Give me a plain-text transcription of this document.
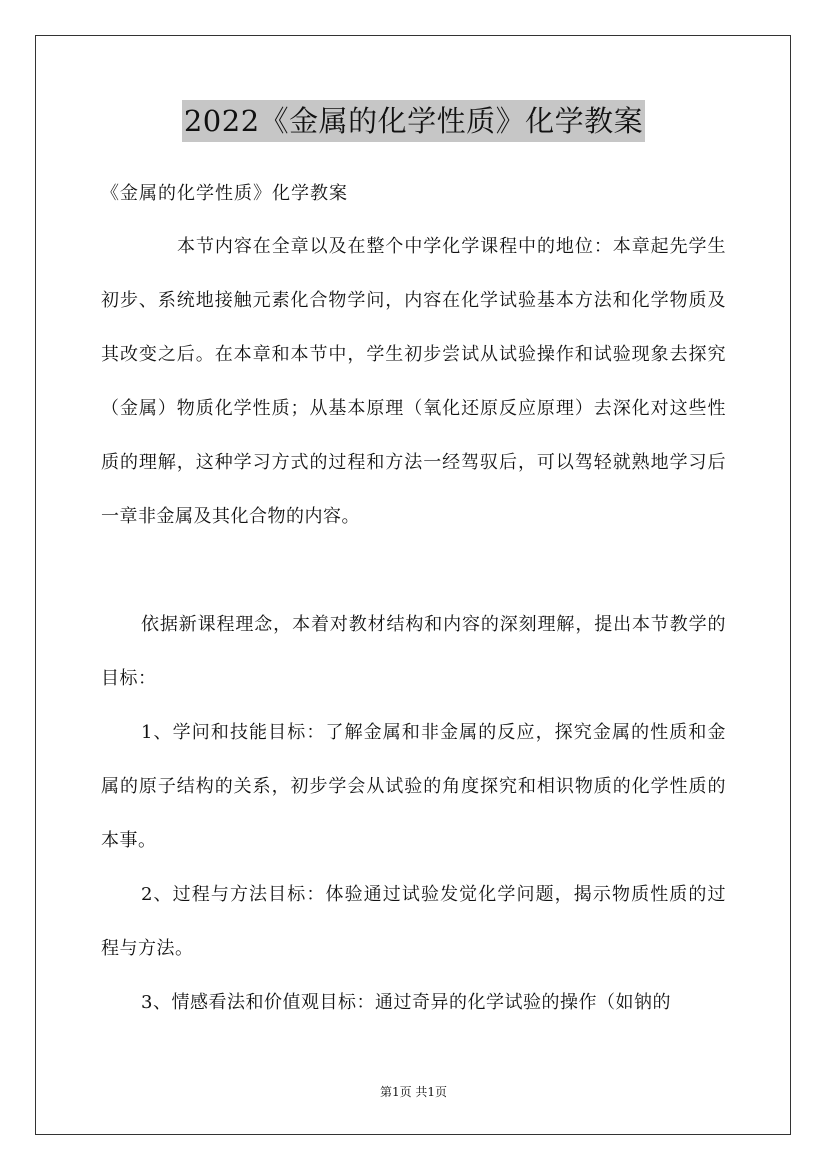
2022《金属的化学性质》化学教案
《金属的化学性质》化学教案

本节内容在全章以及在整个中学化学课程中的地位：本章起先学生初步、系统地接触元素化合物学问，内容在化学试验基本方法和化学物质及其改变之后。在本章和本节中，学生初步尝试从试验操作和试验现象去探究（金属）物质化学性质；从基本原理（氧化还原反应原理）去深化对这些性质的理解，这种学习方式的过程和方法一经驾驭后，可以驾轻就熟地学习后一章非金属及其化合物的内容。

依据新课程理念，本着对教材结构和内容的深刻理解，提出本节教学的目标：

1、学问和技能目标：了解金属和非金属的反应，探究金属的性质和金属的原子结构的关系，初步学会从试验的角度探究和相识物质的化学性质的本事。

2、过程与方法目标：体验通过试验发觉化学问题，揭示物质性质的过程与方法。

3、情感看法和价值观目标：通过奇异的化学试验的操作（如钠的

第1页 共1页
